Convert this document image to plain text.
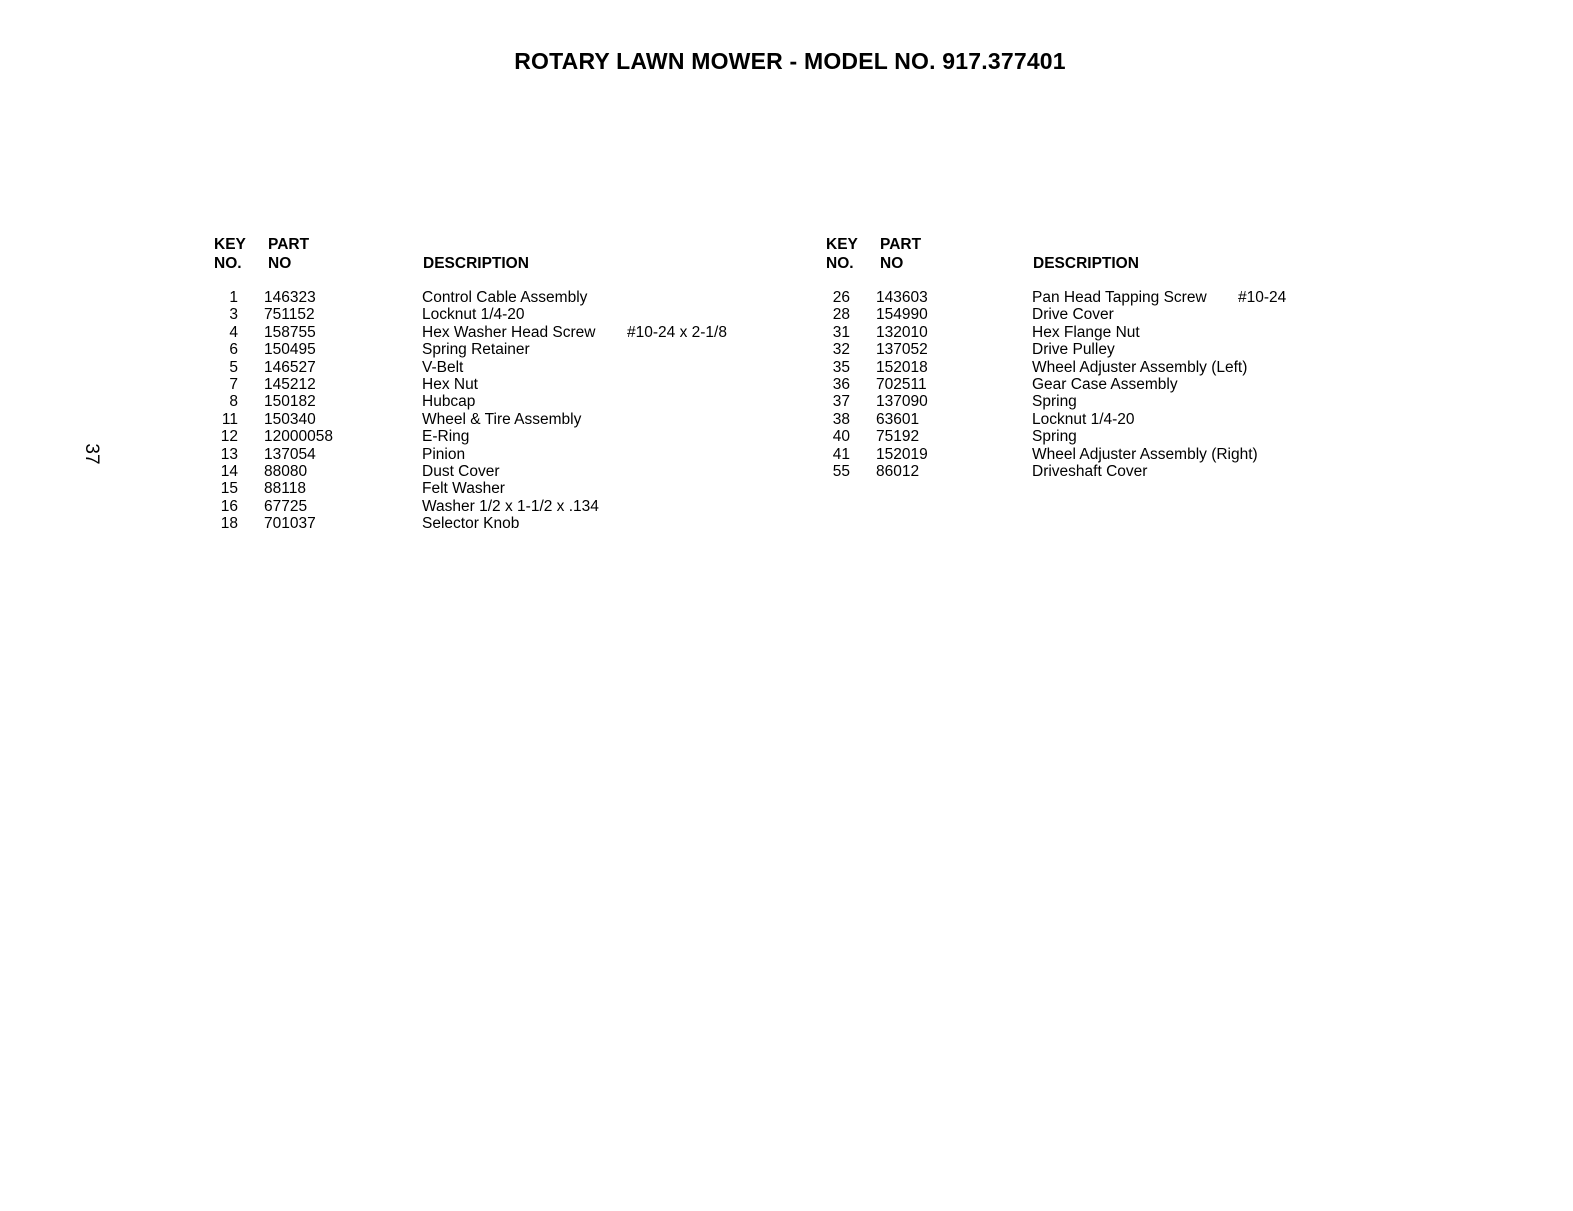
ROTARY LAWN MOWER - MODEL NO. 917.377401
37
KEY
NO.
PART
NO	DESCRIPTION
1 146323	Control Cable Assembly
3 751152	Locknut 1/4-20
4 158755	Hex Washer Head Screw #10-24 x 2-1/8
6 150495	Spring Retainer
5 146527	V-Belt
7 145212	Hex Nut
8 150182	Hubcap
11 150340	Wheel & Tire Assembly
12 12000058	E-Ring
13 137054	Pinion
14 88080	Dust Cover
15 88118	Felt Washer
16 67725	Washer 1/2 x 1-1/2 x .134
18 701037	Selector Knob
KEY
NO.
PART
NO	DESCRIPTION
26 143603	Pan Head Tapping Screw #10-24
28 154990	Drive Cover
31 132010	Hex Flange Nut
32 137052	Drive Pulley
35 152018	Wheel Adjuster Assembly (Left)
36 702511	Gear Case Assembly
37 137090	Spring
38 63601	Locknut 1/4-20
40 75192	Spring
41 152019	Wheel Adjuster Assembly (Right)
55 86012	Driveshaft Cover
